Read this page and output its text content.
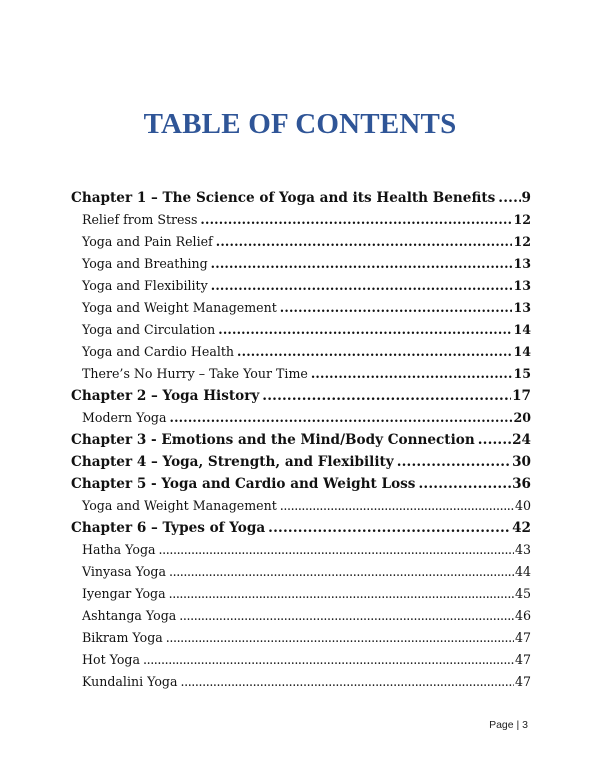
TABLE OF CONTENTS
Chapter 1 – The Science of Yoga and its Health Benefits ..... 9
Relief from Stress .....	12
Yoga and Pain Relief .....	12
Yoga and Breathing .....	13
Yoga and Flexibility .....	13
Yoga and Weight Management .....	13
Yoga and Circulation .....	14
Yoga and Cardio Health .....	14
There’s No Hurry – Take Your Time .....	15
Chapter 2 – Yoga History .....	17
Modern Yoga .....	20
Chapter 3 - Emotions and the Mind/Body Connection .....	24
Chapter 4 – Yoga, Strength, and Flexibility .....	30
Chapter 5 - Yoga and Cardio and Weight Loss .....	36
Yoga and Weight Management .....	40
Chapter 6 – Types of Yoga .....	42
Hatha Yoga .....	43
Vinyasa Yoga .....	44
Iyengar Yoga .....	45
Ashtanga Yoga .....	46
Bikram Yoga .....	47
Hot Yoga .....	47
Kundalini Yoga .....	47
Page | 3
